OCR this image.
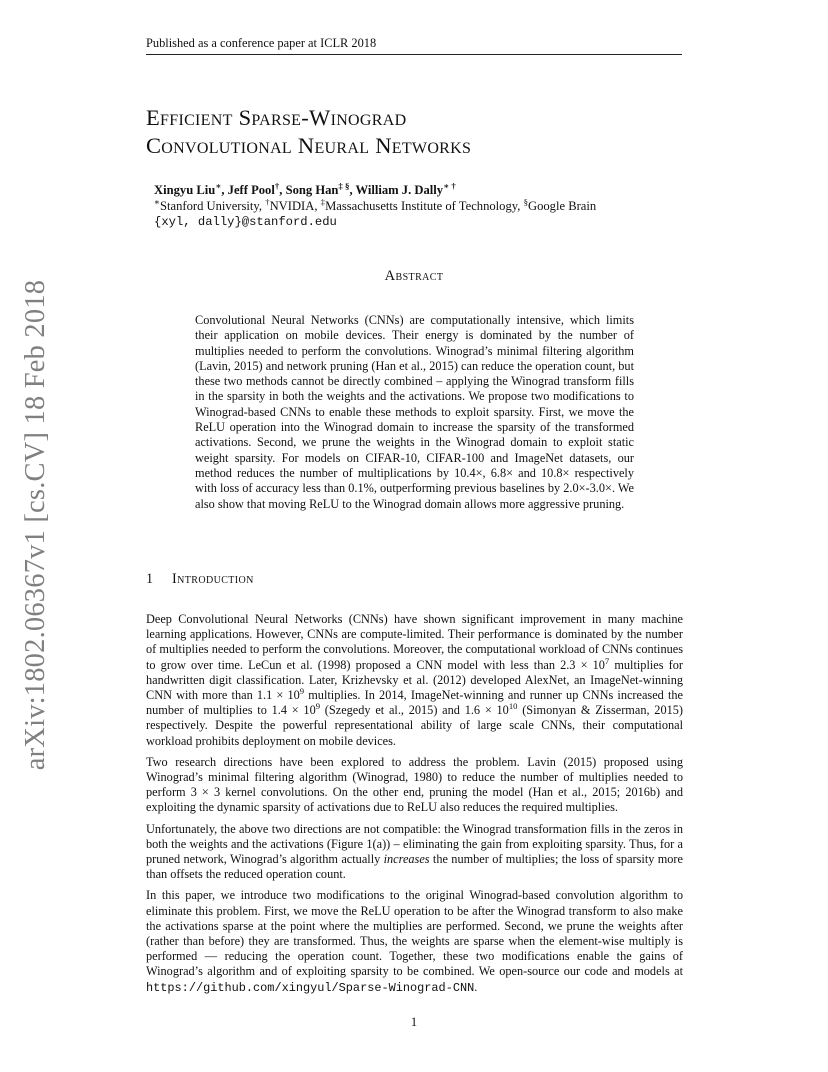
Published as a conference paper at ICLR 2018
Efficient Sparse-Winograd
Convolutional Neural Networks
Xingyu Liu∗, Jeff Pool†, Song Han‡ §, William J. Dally∗ †
∗Stanford University, †NVIDIA, ‡Massachusetts Institute of Technology, §Google Brain
{xyl, dally}@stanford.edu
Abstract
Convolutional Neural Networks (CNNs) are computationally intensive, which limits their application on mobile devices. Their energy is dominated by the number of multiplies needed to perform the convolutions. Winograd’s minimal filtering algorithm (Lavin, 2015) and network pruning (Han et al., 2015) can reduce the operation count, but these two methods cannot be directly combined – applying the Winograd transform fills in the sparsity in both the weights and the activations. We propose two modifications to Winograd-based CNNs to enable these methods to exploit sparsity. First, we move the ReLU operation into the Winograd domain to increase the sparsity of the transformed activations. Second, we prune the weights in the Winograd domain to exploit static weight sparsity. For models on CIFAR-10, CIFAR-100 and ImageNet datasets, our method reduces the number of multiplications by 10.4×, 6.8× and 10.8× respectively with loss of accuracy less than 0.1%, outperforming previous baselines by 2.0×-3.0×. We also show that moving ReLU to the Winograd domain allows more aggressive pruning.
1 Introduction

Deep Convolutional Neural Networks (CNNs) have shown significant improvement in many machine learning applications. However, CNNs are compute-limited. Their performance is dominated by the number of multiplies needed to perform the convolutions. Moreover, the computational workload of CNNs continues to grow over time. LeCun et al. (1998) proposed a CNN model with less than $2.3 \times 10^7$ multiplies for handwritten digit classification. Later, Krizhevsky et al. (2012) developed AlexNet, an ImageNet-winning CNN with more than $1.1 \times 10^9$ multiplies. In 2014, ImageNet-winning and runner up CNNs increased the number of multiplies to $1.4 \times 10^9$ (Szegedy et al., 2015) and $1.6 \times 10^{10}$ (Simonyan & Zisserman, 2015) respectively. Despite the powerful representational ability of large scale CNNs, their computational workload prohibits deployment on mobile devices.

Two research directions have been explored to address the problem. Lavin (2015) proposed using Winograd’s minimal filtering algorithm (Winograd, 1980) to reduce the number of multiplies needed to perform 3 × 3 kernel convolutions. On the other end, pruning the model (Han et al., 2015; 2016b) and exploiting the dynamic sparsity of activations due to ReLU also reduces the required multiplies.

Unfortunately, the above two directions are not compatible: the Winograd transformation fills in the zeros in both the weights and the activations (Figure 1(a)) – eliminating the gain from exploiting sparsity. Thus, for a pruned network, Winograd’s algorithm actually increases the number of multiplies; the loss of sparsity more than offsets the reduced operation count.

In this paper, we introduce two modifications to the original Winograd-based convolution algorithm to eliminate this problem. First, we move the ReLU operation to be after the Winograd transform to also make the activations sparse at the point where the multiplies are performed. Second, we prune the weights after (rather than before) they are transformed. Thus, the weights are sparse when the element-wise multiply is performed — reducing the operation count. Together, these two modifications enable the gains of Winograd’s algorithm and of exploiting sparsity to be combined. We open-source our code and models at https://github.com/xingyul/Sparse-Winograd-CNN.

arXiv:1802.06367v1 [cs.CV] 18 Feb 2018
1
